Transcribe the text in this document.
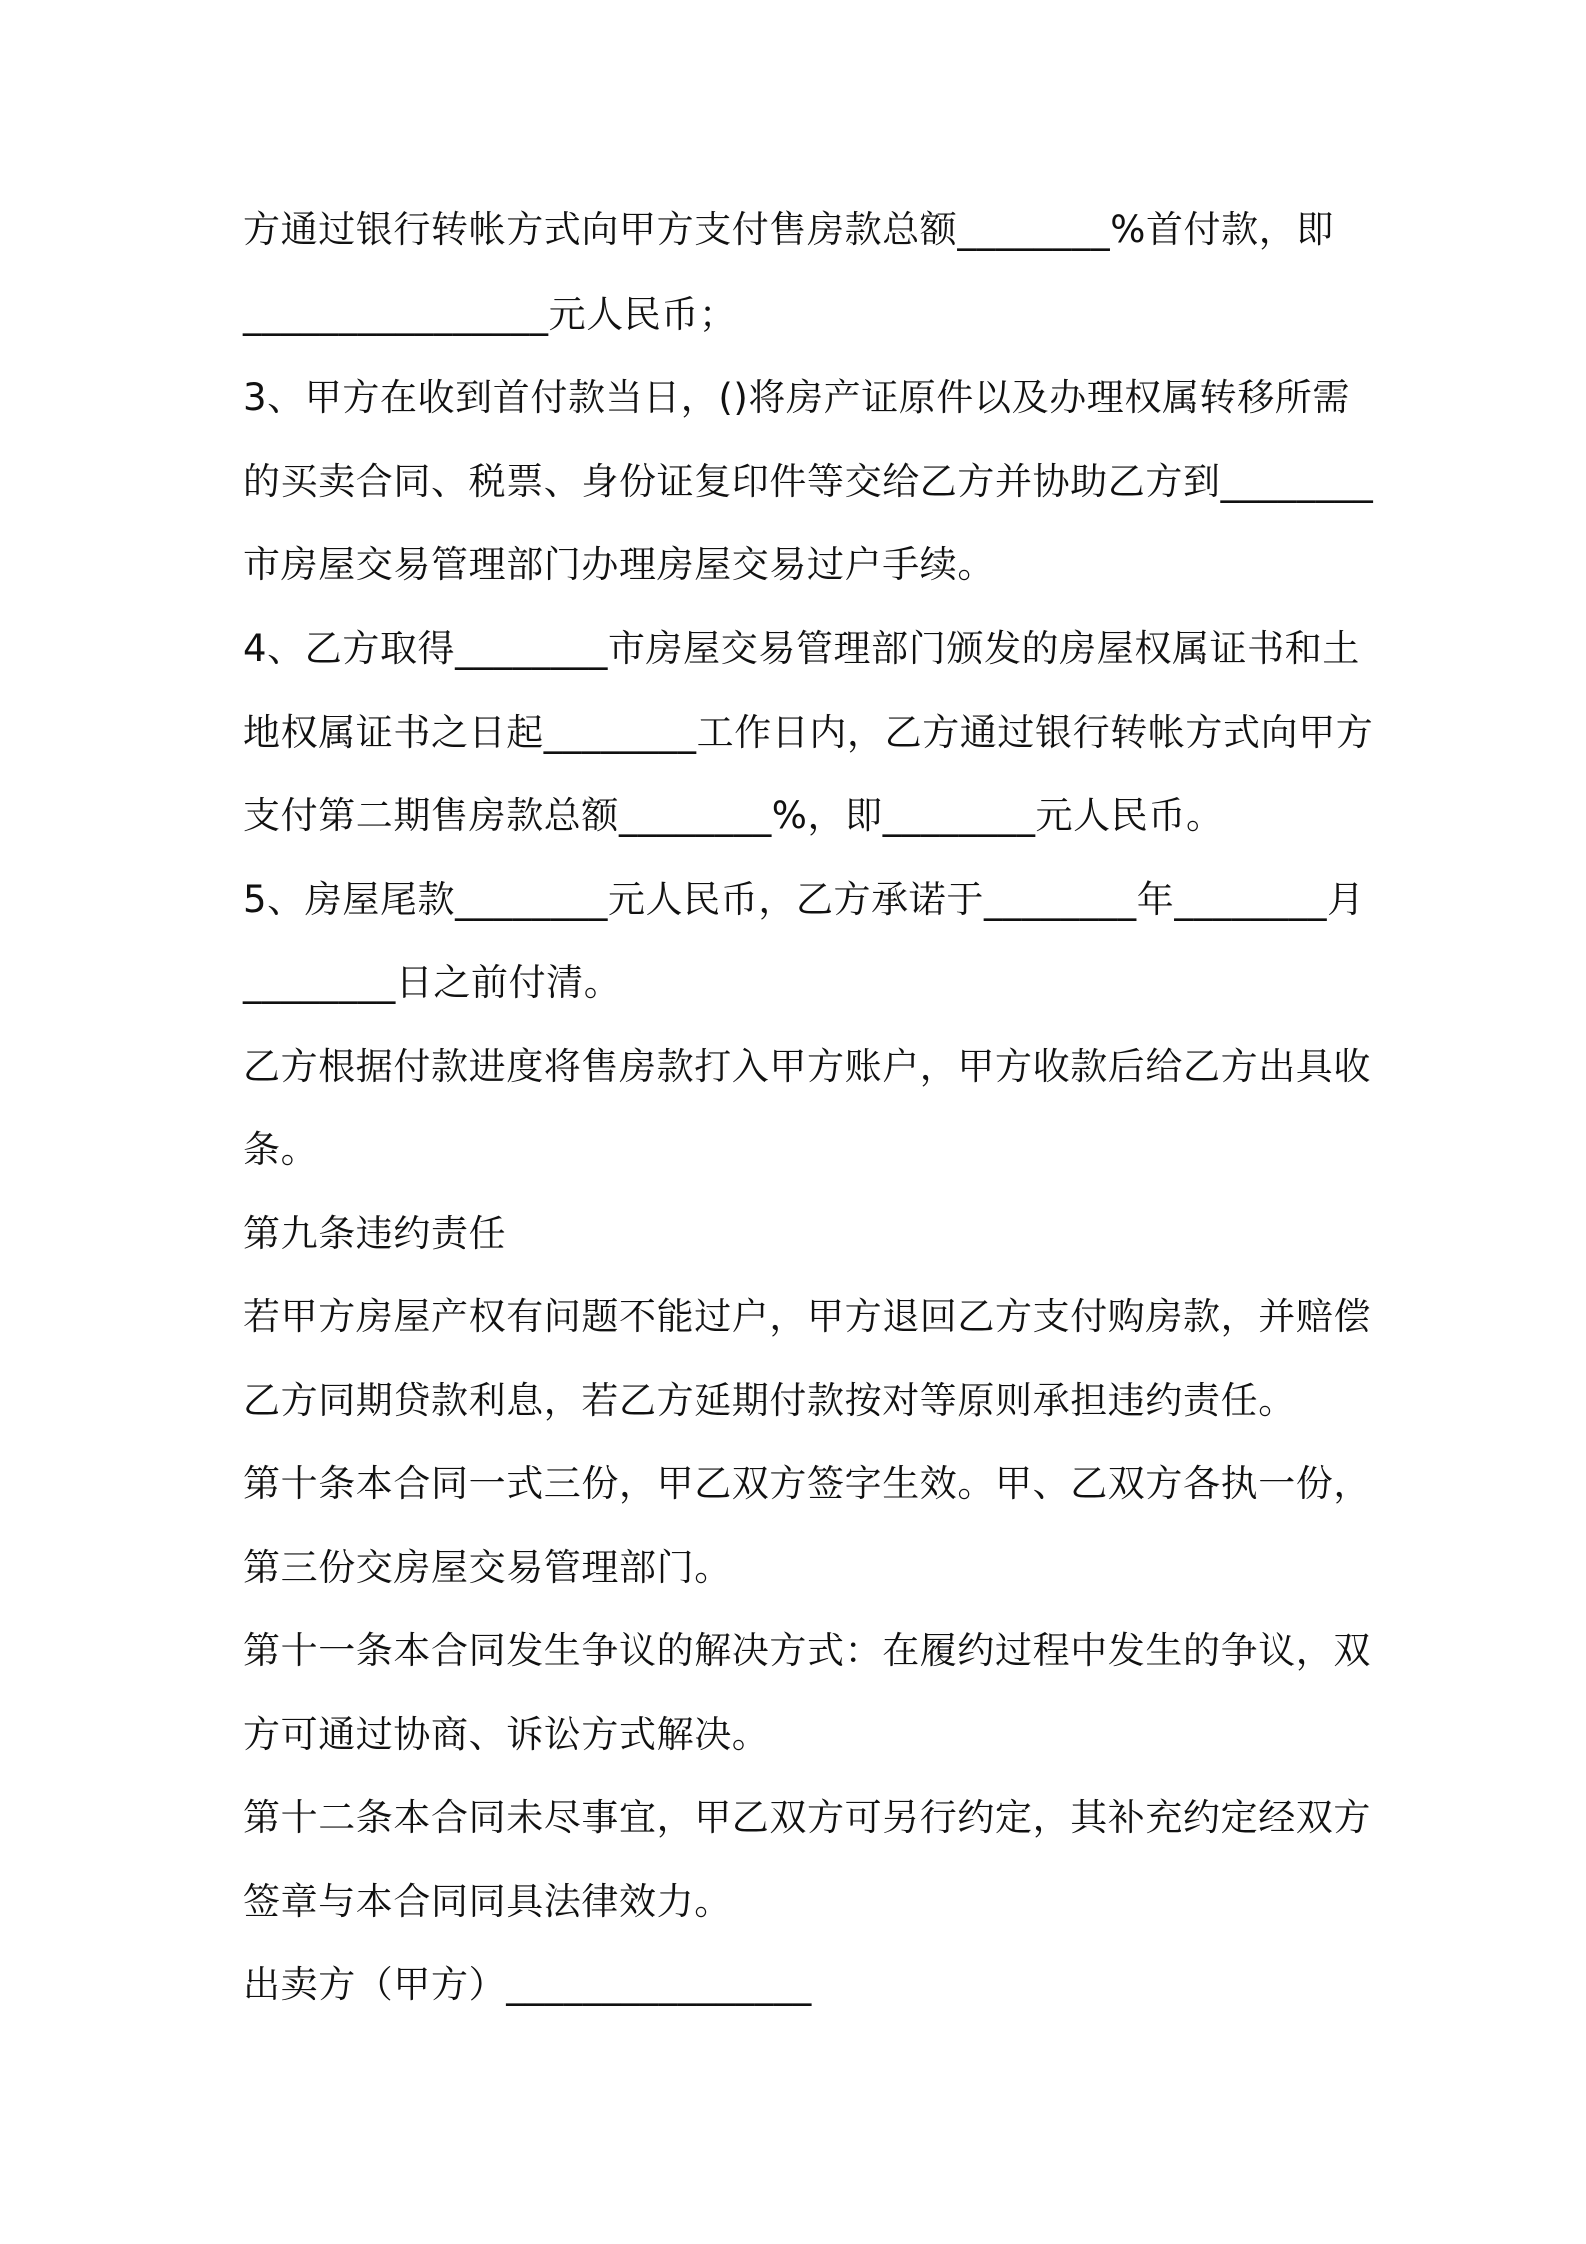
方通过银行转帐方式向甲方支付售房款总额________%首付款，即
________________元人民币；
3、甲方在收到首付款当日，()将房产证原件以及办理权属转移所需
的买卖合同、税票、身份证复印件等交给乙方并协助乙方到________
市房屋交易管理部门办理房屋交易过户手续。
4、乙方取得________市房屋交易管理部门颁发的房屋权属证书和土
地权属证书之日起________工作日内，乙方通过银行转帐方式向甲方
支付第二期售房款总额________%，即________元人民币。
5、房屋尾款________元人民币，乙方承诺于________年________月
________日之前付清。
乙方根据付款进度将售房款打入甲方账户，甲方收款后给乙方出具收
条。
第九条违约责任
若甲方房屋产权有问题不能过户，甲方退回乙方支付购房款，并赔偿
乙方同期贷款利息，若乙方延期付款按对等原则承担违约责任。
第十条本合同一式三份，甲乙双方签字生效。甲、乙双方各执一份，
第三份交房屋交易管理部门。
第十一条本合同发生争议的解决方式：在履约过程中发生的争议，双
方可通过协商、诉讼方式解决。
第十二条本合同未尽事宜，甲乙双方可另行约定，其补充约定经双方
签章与本合同同具法律效力。
出卖方（甲方）________________
